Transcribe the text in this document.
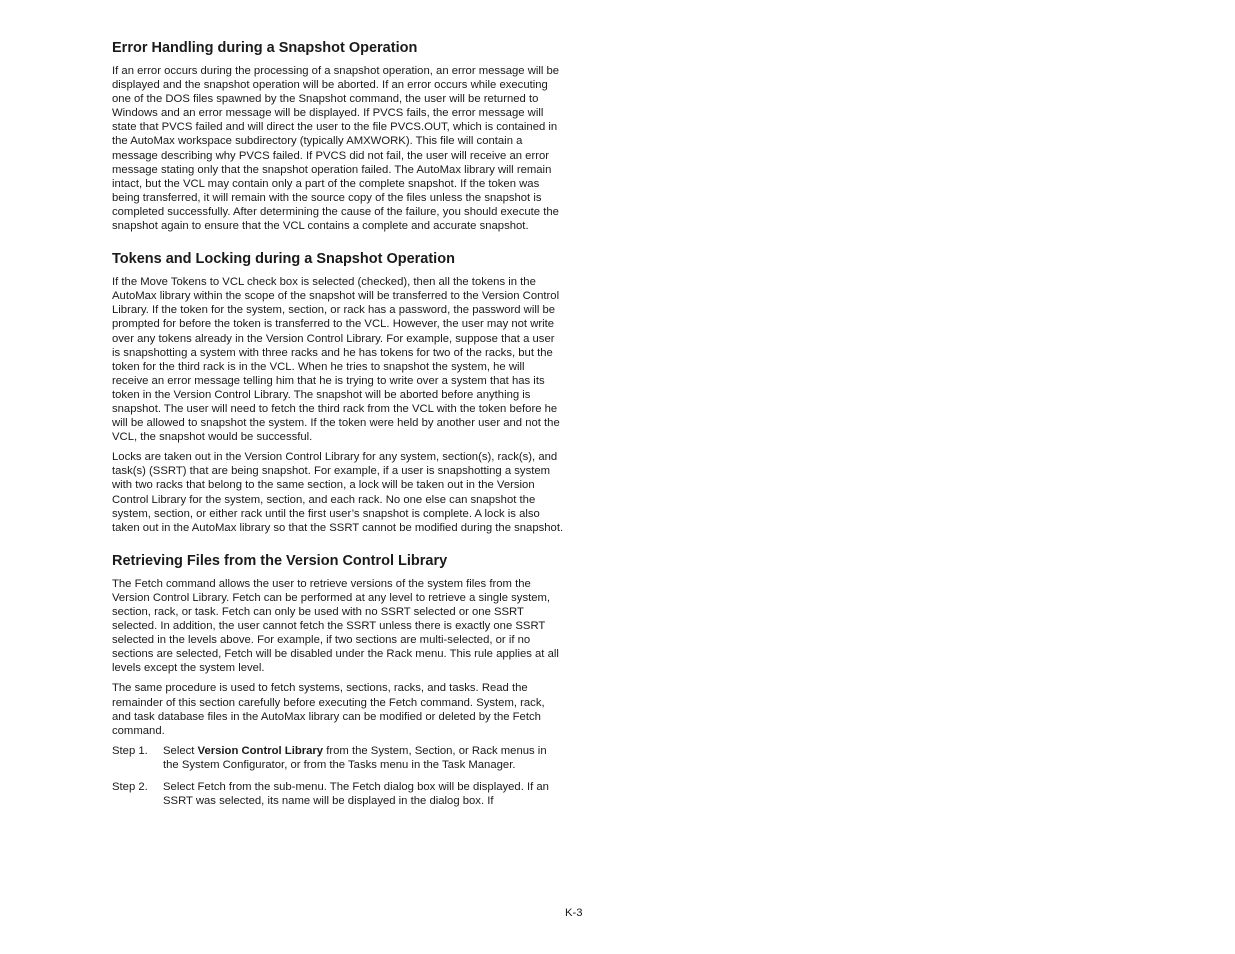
Error Handling during a Snapshot Operation

If an error occurs during the processing of a snapshot operation, an error message will be displayed and the snapshot operation will be aborted. If an error occurs while executing one of the DOS files spawned by the Snapshot command, the user will be returned to Windows and an error message will be displayed. If PVCS fails, the error message will state that PVCS failed and will direct the user to the file PVCS.OUT, which is contained in the AutoMax workspace subdirectory (typically AMXWORK). This file will contain a message describing why PVCS failed. If PVCS did not fail, the user will receive an error message stating only that the snapshot operation failed. The AutoMax library will remain intact, but the VCL may contain only a part of the complete snapshot. If the token was being transferred, it will remain with the source copy of the files unless the snapshot is completed successfully. After determining the cause of the failure, you should execute the snapshot again to ensure that the VCL contains a complete and accurate snapshot.

Tokens and Locking during a Snapshot Operation

If the Move Tokens to VCL check box is selected (checked), then all the tokens in the AutoMax library within the scope of the snapshot will be transferred to the Version Control Library. If the token for the system, section, or rack has a password, the password will be prompted for before the token is transferred to the VCL. However, the user may not write over any tokens already in the Version Control Library. For example, suppose that a user is snapshotting a system with three racks and he has tokens for two of the racks, but the token for the third rack is in the VCL. When he tries to snapshot the system, he will receive an error message telling him that he is trying to write over a system that has its token in the Version Control Library. The snapshot will be aborted before anything is snapshot. The user will need to fetch the third rack from the VCL with the token before he will be allowed to snapshot the system. If the token were held by another user and not the VCL, the snapshot would be successful.

Locks are taken out in the Version Control Library for any system, section(s), rack(s), and task(s) (SSRT) that are being snapshot. For example, if a user is snapshotting a system with two racks that belong to the same section, a lock will be taken out in the Version Control Library for the system, section, and each rack. No one else can snapshot the system, section, or either rack until the first user’s snapshot is complete. A lock is also taken out in the AutoMax library so that the SSRT cannot be modified during the snapshot.

Retrieving Files from the Version Control Library

The Fetch command allows the user to retrieve versions of the system files from the Version Control Library. Fetch can be performed at any level to retrieve a single system, section, rack, or task. Fetch can only be used with no SSRT selected or one SSRT selected. In addition, the user cannot fetch the SSRT unless there is exactly one SSRT selected in the levels above. For example, if two sections are multi-selected, or if no sections are selected, Fetch will be disabled under the Rack menu. This rule applies at all levels except the system level.

The same procedure is used to fetch systems, sections, racks, and tasks. Read the remainder of this section carefully before executing the Fetch command. System, rack, and task database files in the AutoMax library can be modified or deleted by the Fetch command.

Step 1.	Select Version Control Library from the System, Section, or Rack menus in the System Configurator, or from the Tasks menu in the Task Manager.
Step 2.	Select Fetch from the sub-menu. The Fetch dialog box will be displayed. If an SSRT was selected, its name will be displayed in the dialog box. If
K-3
